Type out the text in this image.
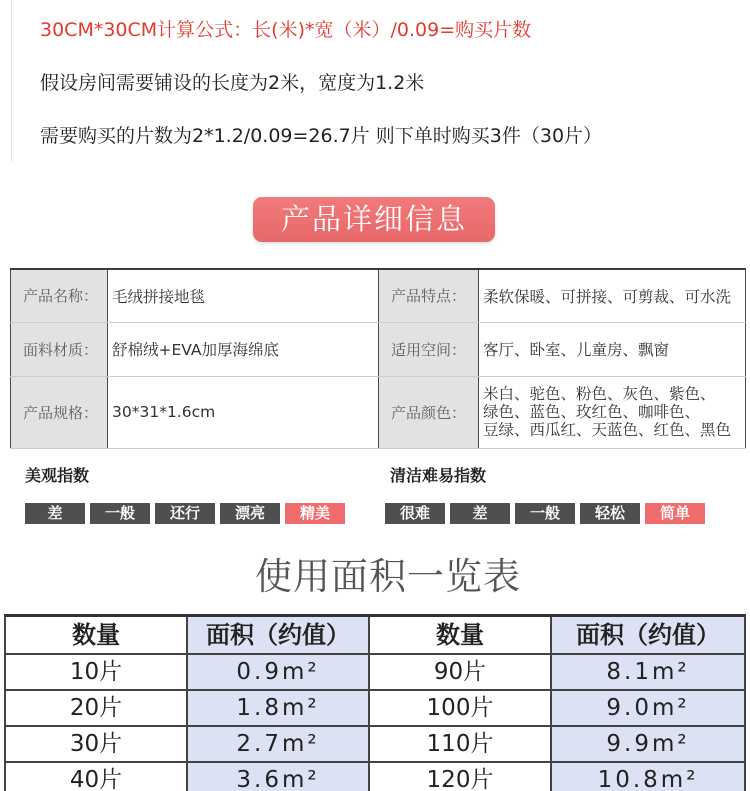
30CM*30CM计算公式：长(米)*宽（米）/0.09=购买片数
假设房间需要铺设的长度为2米，宽度为1.2米
需要购买的片数为2*1.2/0.09=26.7片 则下单时购买3件（30片）
产品详细信息
产品名称：	毛绒拼接地毯	产品特点：	柔软保暖、可拼接、可剪裁、可水洗
面料材质：	舒棉绒+EVA加厚海绵底	适用空间：	客厅、卧室、儿童房、飘窗
产品规格：	30*31*1.6cm	产品颜色：	米白、驼色、粉色、灰色、紫色、
绿色、蓝色、玫红色、咖啡色、
豆绿、西瓜红、天蓝色、红色、黑色
美观指数
差	一般	还行	漂亮	精美
清洁难易指数
很难	差	一般	轻松	简单
使用面积一览表
数量	面积（约值）	数量	面积（约值）
10片	0.9m²	90片	8.1m²
20片	1.8m²	100片	9.0m²
30片	2.7m²	110片	9.9m²
40片	3.6m²	120片	10.8m²
